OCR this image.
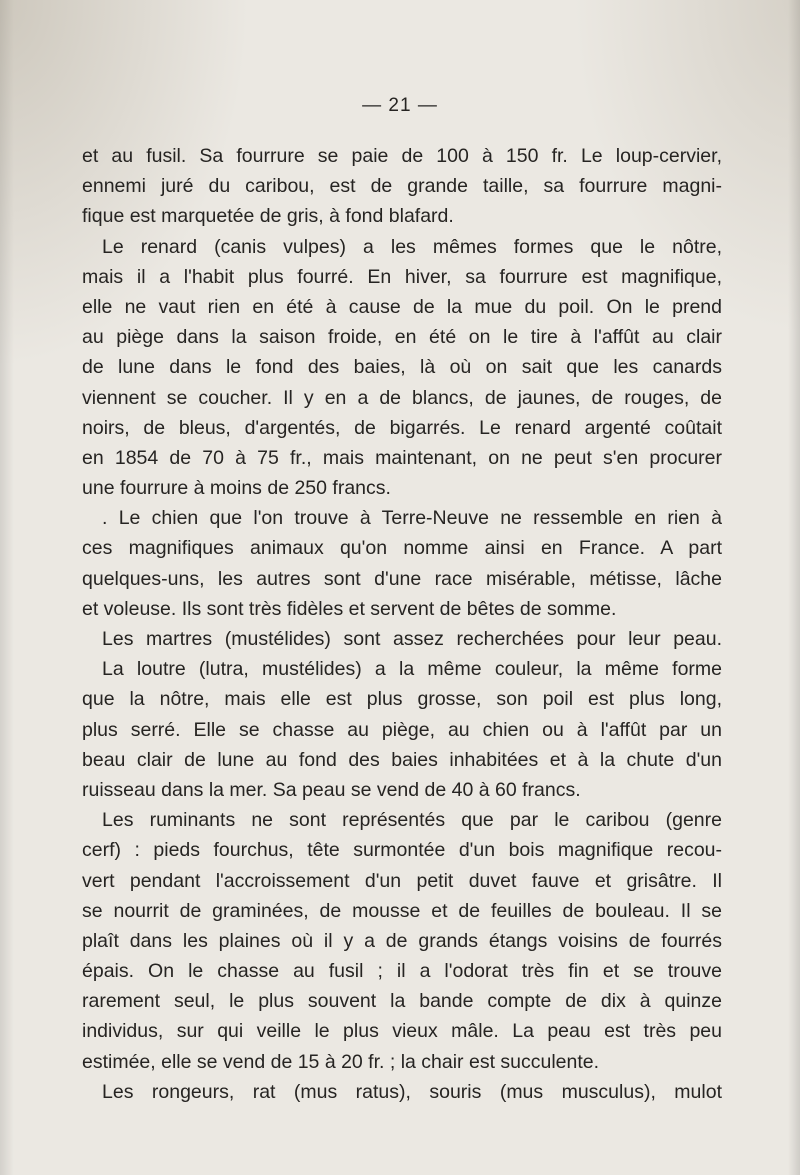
— 21 —
et au fusil. Sa fourrure se paie de 100 à 150 fr. Le loup-cervier,
ennemi juré du caribou, est de grande taille, sa fourrure magni-
fique est marquetée de gris, à fond blafard.
Le renard (canis vulpes) a les mêmes formes que le nôtre,
mais il a l'habit plus fourré. En hiver, sa fourrure est magnifique,
elle ne vaut rien en été à cause de la mue du poil. On le prend
au piège dans la saison froide, en été on le tire à l'affût au clair
de lune dans le fond des baies, là où on sait que les canards
viennent se coucher. Il y en a de blancs, de jaunes, de rouges, de
noirs, de bleus, d'argentés, de bigarrés. Le renard argenté coûtait
en 1854 de 70 à 75 fr., mais maintenant, on ne peut s'en procurer
une fourrure à moins de 250 francs.
. Le chien que l'on trouve à Terre-Neuve ne ressemble en rien à
ces magnifiques animaux qu'on nomme ainsi en France. A part
quelques-uns, les autres sont d'une race misérable, métisse, lâche
et voleuse. Ils sont très fidèles et servent de bêtes de somme.
Les martres (mustélides) sont assez recherchées pour leur peau.
La loutre (lutra, mustélides) a la même couleur, la même forme
que la nôtre, mais elle est plus grosse, son poil est plus long,
plus serré. Elle se chasse au piège, au chien ou à l'affût par un
beau clair de lune au fond des baies inhabitées et à la chute d'un
ruisseau dans la mer. Sa peau se vend de 40 à 60 francs.
Les ruminants ne sont représentés que par le caribou (genre
cerf) : pieds fourchus, tête surmontée d'un bois magnifique recou-
vert pendant l'accroissement d'un petit duvet fauve et grisâtre. Il
se nourrit de graminées, de mousse et de feuilles de bouleau. Il se
plaît dans les plaines où il y a de grands étangs voisins de fourrés
épais. On le chasse au fusil ; il a l'odorat très fin et se trouve
rarement seul, le plus souvent la bande compte de dix à quinze
individus, sur qui veille le plus vieux mâle. La peau est très peu
estimée, elle se vend de 15 à 20 fr. ; la chair est succulente.
Les rongeurs, rat (mus ratus), souris (mus musculus), mulot
